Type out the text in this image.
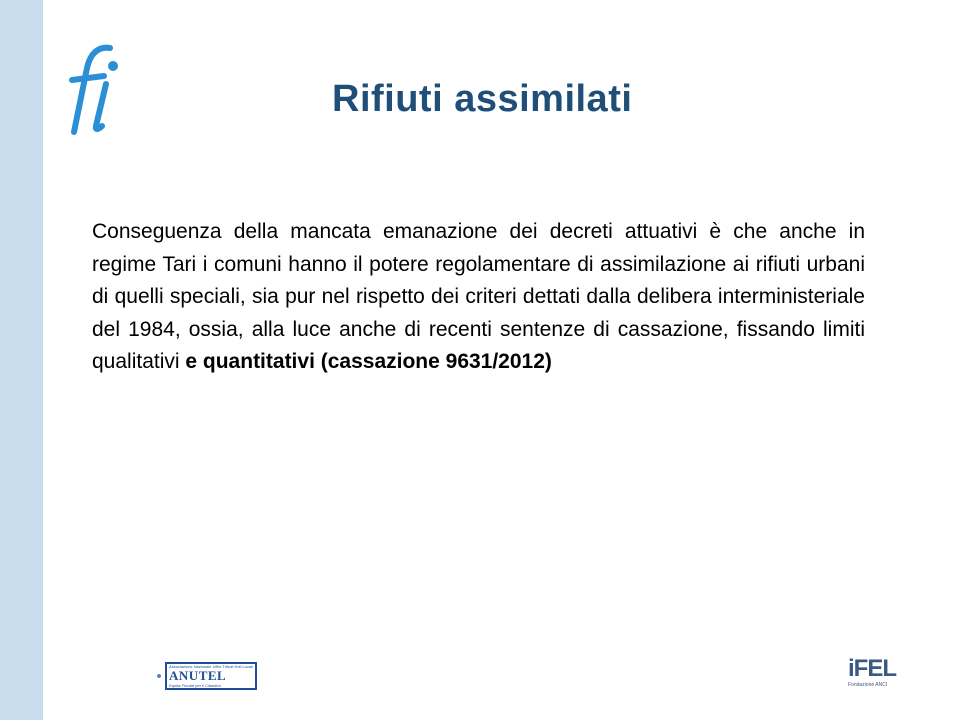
Rifiuti assimilati

Conseguenza della mancata emanazione dei decreti attuativi è che anche in regime Tari i comuni hanno il potere regolamentare di assimilazione ai rifiuti urbani di quelli speciali, sia pur nel rispetto dei criteri dettati dalla delibera interministeriale del 1984, ossia, alla luce anche di recenti sentenze di cassazione, fissando limiti qualitativi e quantitativi (cassazione 9631/2012)

Associazione Nazionale Uffici Tributi Enti Locali
ANUTEL
Equità Fiscale per il Cittadino
iFEL
Fondazione ANCI
